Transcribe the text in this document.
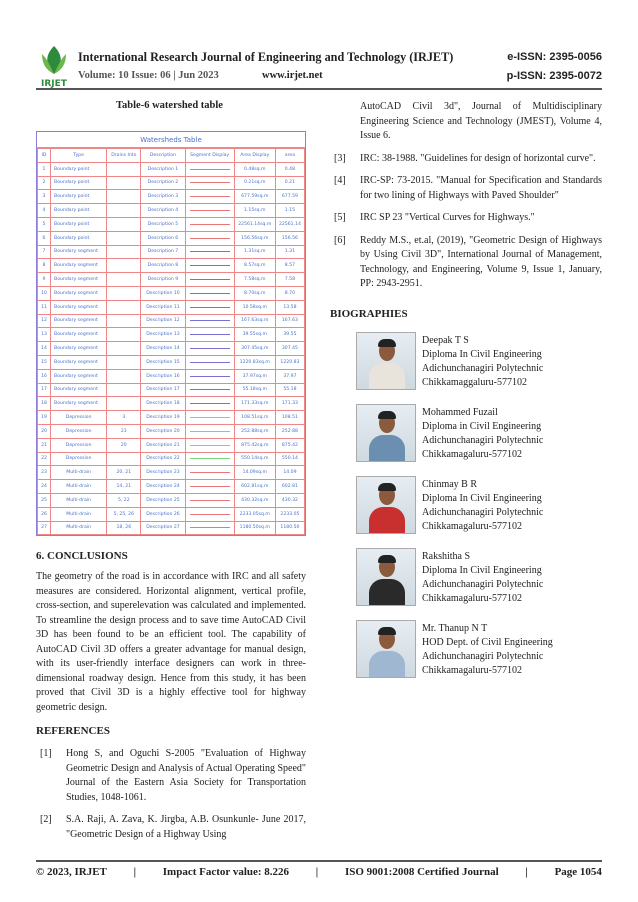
IRJET
International Research Journal of Engineering and Technology (IRJET)	e-ISSN: 2395-0056
Volume: 10 Issue: 06 | Jun 2023	www.irjet.net	p-ISSN: 2395-0072
Table-6 watershed table
Watersheds Table
ID	Type	Drains Into	Description	Segment Display	Area Display	area
1	Boundary point		Description 1		0.48sq.m	0.48
2	Boundary point		Description 2		0.21sq.m	0.21
3	Boundary point		Description 3		677.59sq.m	677.59
4	Boundary point		Description 4		1.15sq.m	1.15
5	Boundary point		Description 5		22561.14sq.m	22561.14
6	Boundary point		Description 6		156.56sq.m	156.56
7	Boundary segment		Description 7		1.31sq.m	1.31
8	Boundary segment		Description 8		8.57sq.m	8.57
9	Boundary segment		Description 9		7.58sq.m	7.58
10	Boundary segment		Description 10		8.70sq.m	8.70
11	Boundary segment		Description 11		10.58sq.m	13.58
12	Boundary segment		Description 12		167.63sq.m	167.63
13	Boundary segment		Description 13		39.55sq.m	39.55
14	Boundary segment		Description 14		307.45sq.m	307.45
15	Boundary segment		Description 15		1220.83sq.m	1220.83
16	Boundary segment		Description 16		37.97sq.m	37.97
17	Boundary segment		Description 17		55.18sq.m	55.18
18	Boundary segment		Description 18		171.33sq.m	171.33
19	Depression	3	Description 19		108.51sq.m	108.51
20	Depression	21	Description 20		252.88sq.m	252.88
21	Depression	20	Description 21		875.42sq.m	875.42
22	Depression		Description 22		550.14sq.m	550.14
23	Multi-drain	20, 21	Description 23		14.09sq.m	14.09
24	Multi-drain	14, 21	Description 24		602.81sq.m	602.81
25	Multi-drain	5, 22	Description 25		430.32sq.m	430.32
26	Multi-drain	5, 25, 26	Description 26		2233.05sq.m	2233.05
27	Multi-drain	18, 26	Description 27		1180.50sq.m	1180.50
6. CONCLUSIONS

The geometry of the road is in accordance with IRC and all safety measures are considered. Horizontal alignment, vertical profile, cross-section, and superelevation was calculated and implemented. To streamline the design process and to save time AutoCAD Civil 3D has been found to be an efficient tool. The capability of AutoCAD Civil 3D offers a greater advantage for manual design, with its user-friendly interface designers can work in three-dimensional roadway design. Hence from this study, it has been proved that Civil 3D is a highly effective tool for highway geometric design.

REFERENCES
[1]	Hong S, and Oguchi S-2005 "Evaluation of Highway Geometric Design and Analysis of Actual Operating Speed" Journal of the Eastern Asia Society for Transportation Studies, 1048-1061.
[2]	S.A. Raji, A. Zava, K. Jirgba, A.B. Osunkunle- June 2017, "Geometric Design of a Highway Using
AutoCAD Civil 3d", Journal of Multidisciplinary Engineering Science and Technology (JMEST), Volume 4, Issue 6.
[3]	IRC: 38-1988. "Guidelines for design of horizontal curve".
[4]	IRC-SP: 73-2015. "Manual for Specification and Standards for two lining of Highways with Paved Shoulder"
[5]	IRC SP 23 "Vertical Curves for Highways."
[6]	Reddy M.S., et.al, (2019), "Geometric Design of Highways by Using Civil 3D", International Journal of Management, Technology, and Engineering, Volume 9, Issue 1, January, PP: 2943-2951.
BIOGRAPHIES
Deepak T S
Diploma In Civil Engineering
Adichunchanagiri Polytechnic
Chikkamaggaluru-577102
Mohammed Fuzail
Diploma in Civil Engineering
Adichunchanagiri Polytechnic
Chikkamagaluru-577102
Chinmay B R
Diploma In Civil Engineering
Adichunchanagiri Polytechnic
Chikkamagaluru-577102
Rakshitha S
Diploma In Civil Engineering
Adichunchanagiri Polytechnic
Chikkamagaluru-577102
Mr. Thanup N T
HOD Dept. of Civil Engineering
Adichunchanagiri Polytechnic
Chikkamagaluru-577102
© 2023, IRJET | Impact Factor value: 8.226 | ISO 9001:2008 Certified Journal | Page 1054
